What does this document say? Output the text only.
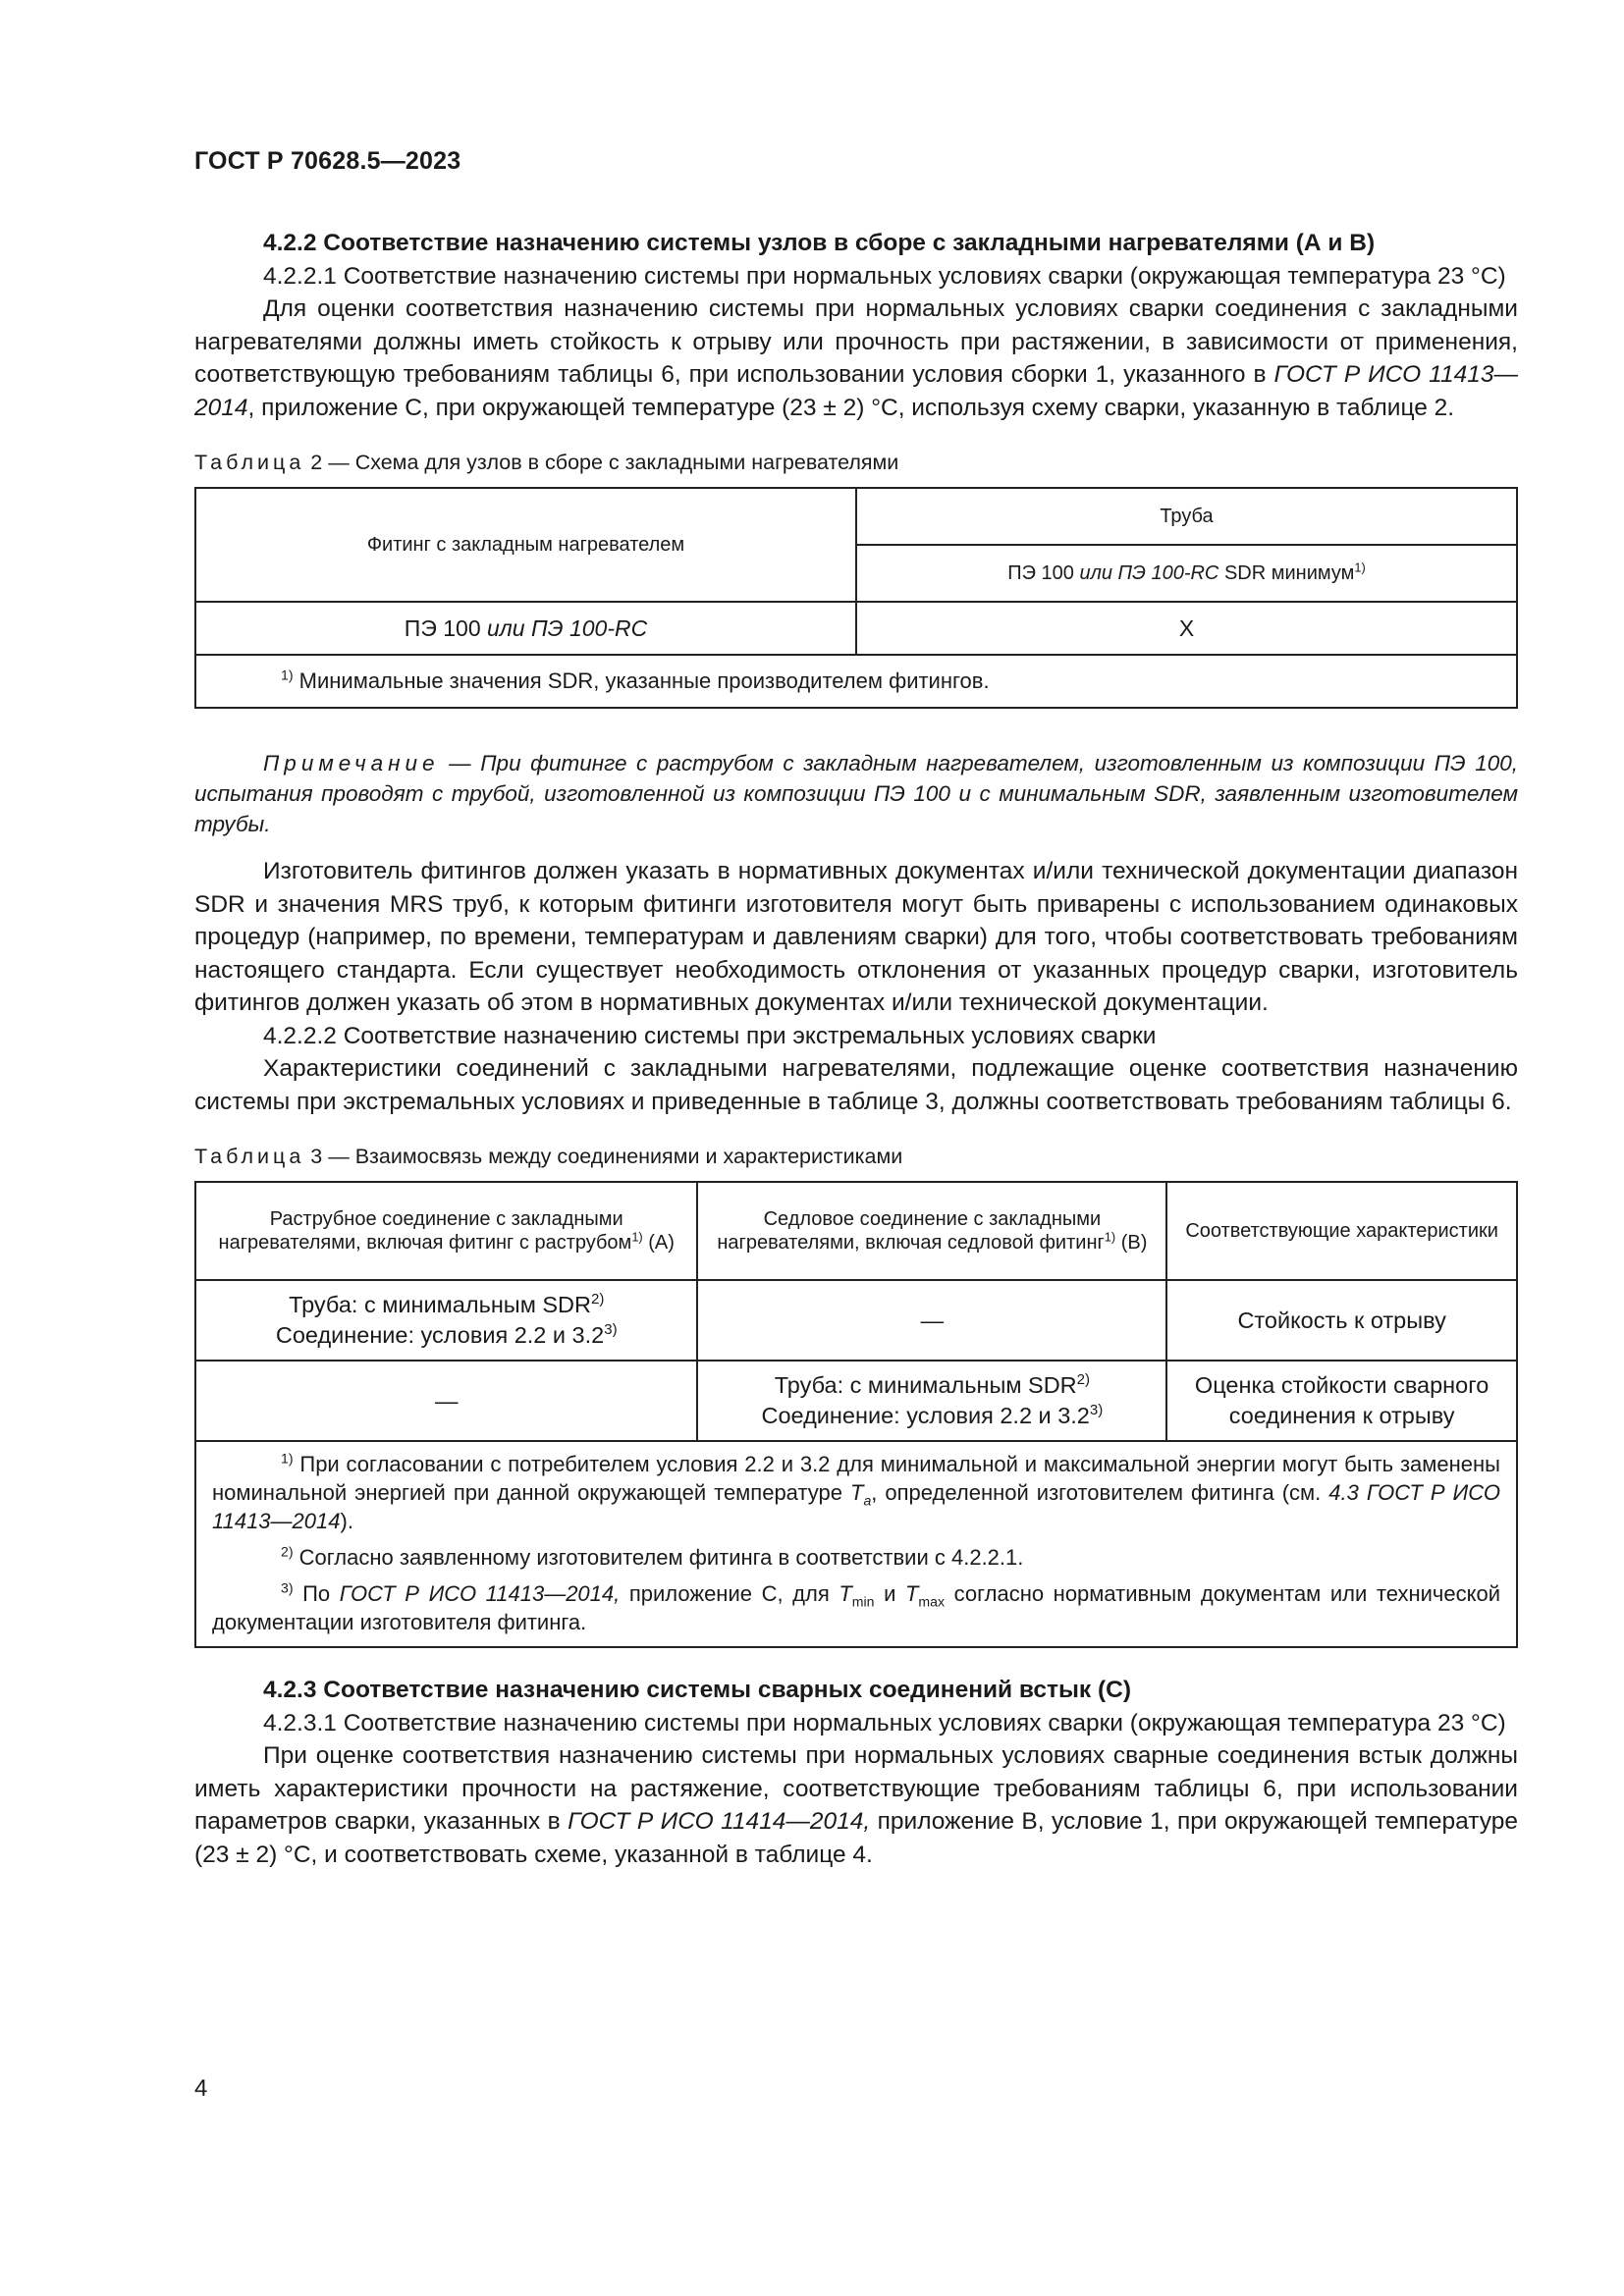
ГОСТ Р 70628.5—2023

4.2.2 Соответствие назначению системы узлов в сборе с закладными нагревателями (А и В)

4.2.2.1 Соответствие назначению системы при нормальных условиях сварки (окружающая температура 23 °С)

Для оценки соответствия назначению системы при нормальных условиях сварки соединения с закладными нагревателями должны иметь стойкость к отрыву или прочность при растяжении, в зависимости от применения, соответствующую требованиям таблицы 6, при использовании условия сборки 1, указанного в ГОСТ Р ИСО 11413—2014, приложение С, при окружающей температуре (23 ± 2) °С, используя схему сварки, указанную в таблице 2.

Таблица 2 — Схема для узлов в сборе с закладными нагревателями
Фитинг с закладным нагревателем	Труба
	ПЭ 100 или ПЭ 100-RC SDR минимум$^{1)}$
ПЭ 100 или ПЭ 100-RC	Х
$^{1)}$ Минимальные значения SDR, указанные производителем фитингов.	

Примечание — При фитинге с раструбом с закладным нагревателем, изготовленным из композиции ПЭ 100, испытания проводят с трубой, изготовленной из композиции ПЭ 100 и с минимальным SDR, заявленным изготовителем трубы.

Изготовитель фитингов должен указать в нормативных документах и/или технической документации диапазон SDR и значения MRS труб, к которым фитинги изготовителя могут быть приварены с использованием одинаковых процедур (например, по времени, температурам и давлениям сварки) для того, чтобы соответствовать требованиям настоящего стандарта. Если существует необходимость отклонения от указанных процедур сварки, изготовитель фитингов должен указать об этом в нормативных документах и/или технической документации.

4.2.2.2 Соответствие назначению системы при экстремальных условиях сварки

Характеристики соединений с закладными нагревателями, подлежащие оценке соответствия назначению системы при экстремальных условиях и приведенные в таблице 3, должны соответствовать требованиям таблицы 6.

Таблица 3 — Взаимосвязь между соединениями и характеристиками
Раструбное соединение с закладными нагревателями, включая фитинг с раструбом$^{1)}$ (А)	Седловое соединение с закладными нагревателями, включая седловой фитинг$^{1)}$ (В)	Соответствующие характеристики
Труба: с минимальным SDR$^{2)}$
Соединение: условия 2.2 и 3.2$^{3)}$	—	Стойкость к отрыву
—	Труба: с минимальным SDR$^{2)}$
Соединение: условия 2.2 и 3.2$^{3)}$	Оценка стойкости сварного соединения к отрыву

$^{1)}$ При согласовании с потребителем условия 2.2 и 3.2 для минимальной и максимальной энергии могут быть заменены номинальной энергией при данной окружающей температуре $T_a$, определенной изготовителем фитинга (см. 4.3 ГОСТ Р ИСО 11413—2014).

$^{2)}$ Согласно заявленному изготовителем фитинга в соответствии с 4.2.2.1.

$^{3)}$ По ГОСТ Р ИСО 11413—2014, приложение С, для $T_{min}$ и $T_{max}$ согласно нормативным документам или технической документации изготовителя фитинга.		

4.2.3 Соответствие назначению системы сварных соединений встык (С)

4.2.3.1 Соответствие назначению системы при нормальных условиях сварки (окружающая температура 23 °С)

При оценке соответствия назначению системы при нормальных условиях сварные соединения встык должны иметь характеристики прочности на растяжение, соответствующие требованиям таблицы 6, при использовании параметров сварки, указанных в ГОСТ Р ИСО 11414—2014, приложение В, условие 1, при окружающей температуре (23 ± 2) °С, и соответствовать схеме, указанной в таблице 4.

4
